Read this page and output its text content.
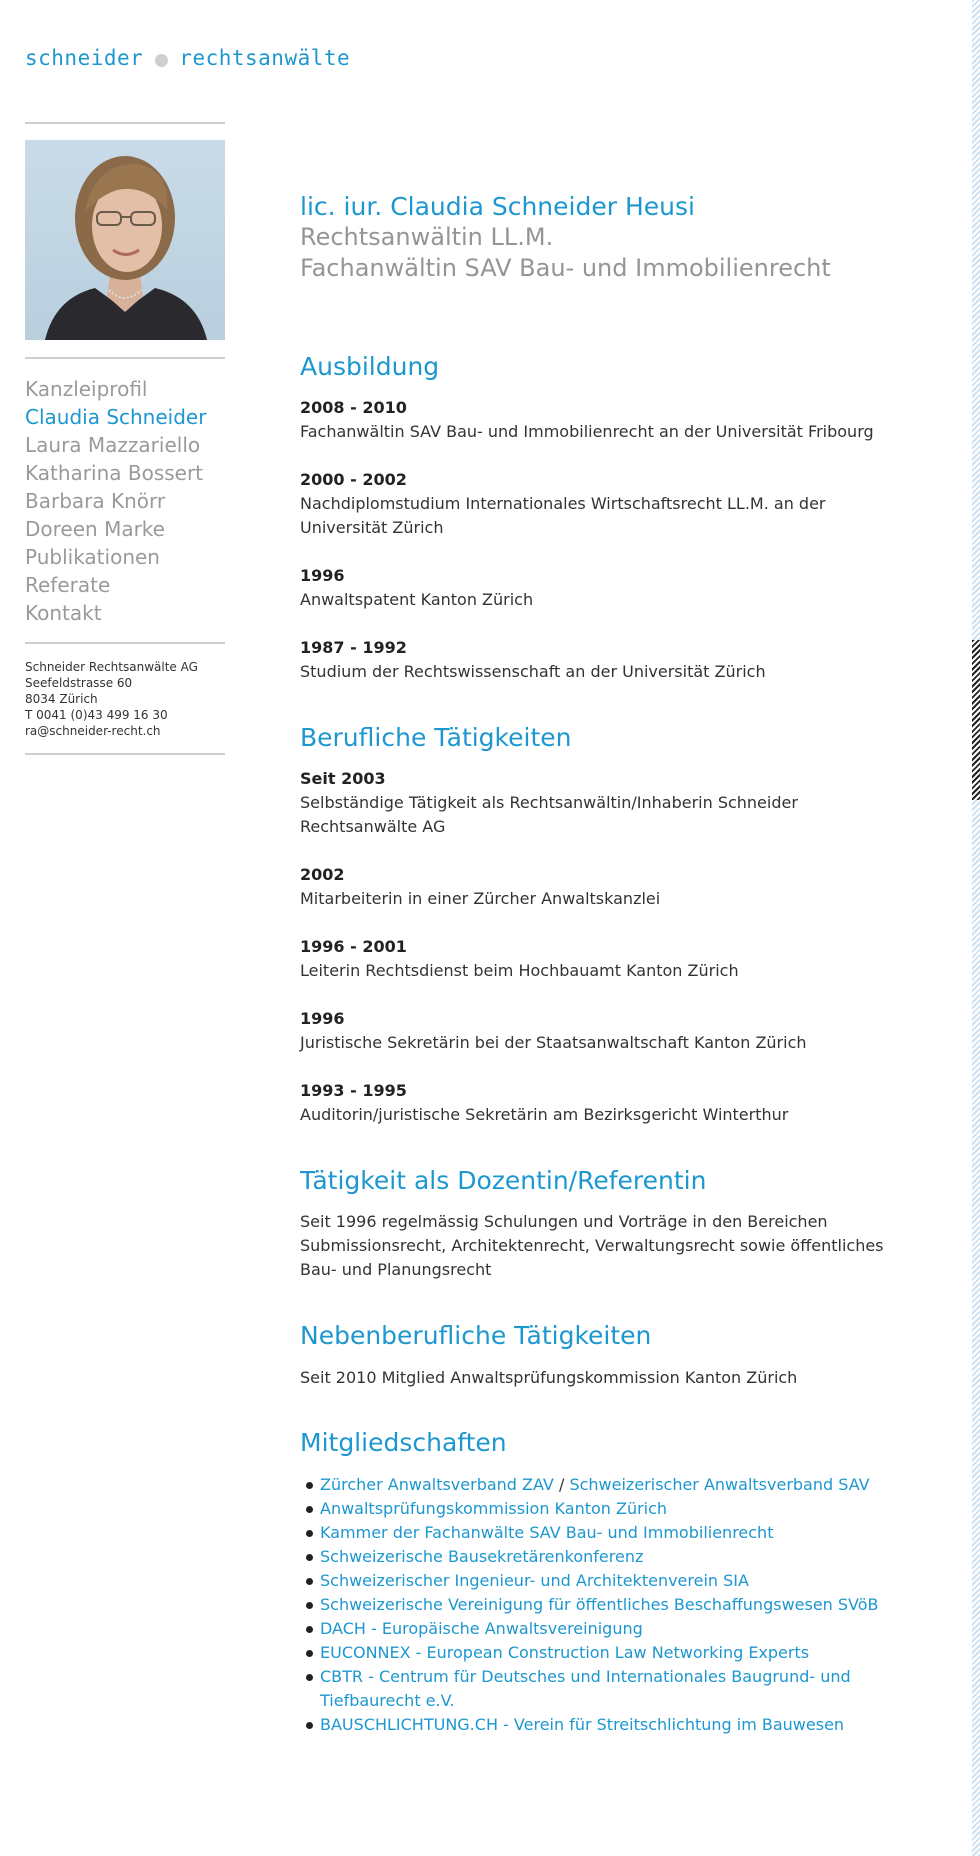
schneider rechtsanwälte
Kanzleiprofil
Claudia Schneider
Laura Mazzariello
Katharina Bossert
Barbara Knörr
Doreen Marke
Publikationen
Referate
Kontakt
Schneider Rechtsanwälte AG
Seefeldstrasse 60
8034 Zürich
T 0041 (0)43 499 16 30
ra@schneider-recht.ch
lic. iur. Claudia Schneider Heusi

Rechtsanwältin LL.M.

Fachanwältin SAV Bau- und Immobilienrecht

Ausbildung
2008 - 2010
Fachanwältin SAV Bau- und Immobilienrecht an der Universität Fribourg
2000 - 2002
Nachdiplomstudium Internationales Wirtschaftsrecht LL.M. an der Universität Zürich
1996
Anwaltspatent Kanton Zürich
1987 - 1992
Studium der Rechtswissenschaft an der Universität Zürich
Berufliche Tätigkeiten
Seit 2003
Selbständige Tätigkeit als Rechtsanwältin/Inhaberin Schneider Rechtsanwälte AG
2002
Mitarbeiterin in einer Zürcher Anwaltskanzlei
1996 - 2001
Leiterin Rechtsdienst beim Hochbauamt Kanton Zürich
1996
Juristische Sekretärin bei der Staatsanwaltschaft Kanton Zürich
1993 - 1995
Auditorin/juristische Sekretärin am Bezirksgericht Winterthur
Tätigkeit als Dozentin/Referentin

Seit 1996 regelmässig Schulungen und Vorträge in den Bereichen Submissionsrecht, Architektenrecht, Verwaltungsrecht sowie öffentliches Bau- und Planungsrecht

Nebenberufliche Tätigkeiten

Seit 2010 Mitglied Anwaltsprüfungskommission Kanton Zürich

Mitgliedschaften
Zürcher Anwaltsverband ZAV / Schweizerischer Anwaltsverband SAV
Anwaltsprüfungskommission Kanton Zürich
Kammer der Fachanwälte SAV Bau- und Immobilienrecht
Schweizerische Bausekretärenkonferenz
Schweizerischer Ingenieur- und Architektenverein SIA
Schweizerische Vereinigung für öffentliches Beschaffungswesen SVöB
DACH - Europäische Anwaltsvereinigung
EUCONNEX - European Construction Law Networking Experts
CBTR - Centrum für Deutsches und Internationales Baugrund- und Tiefbaurecht e.V.
BAUSCHLICHTUNG.CH - Verein für Streitschlichtung im Bauwesen
